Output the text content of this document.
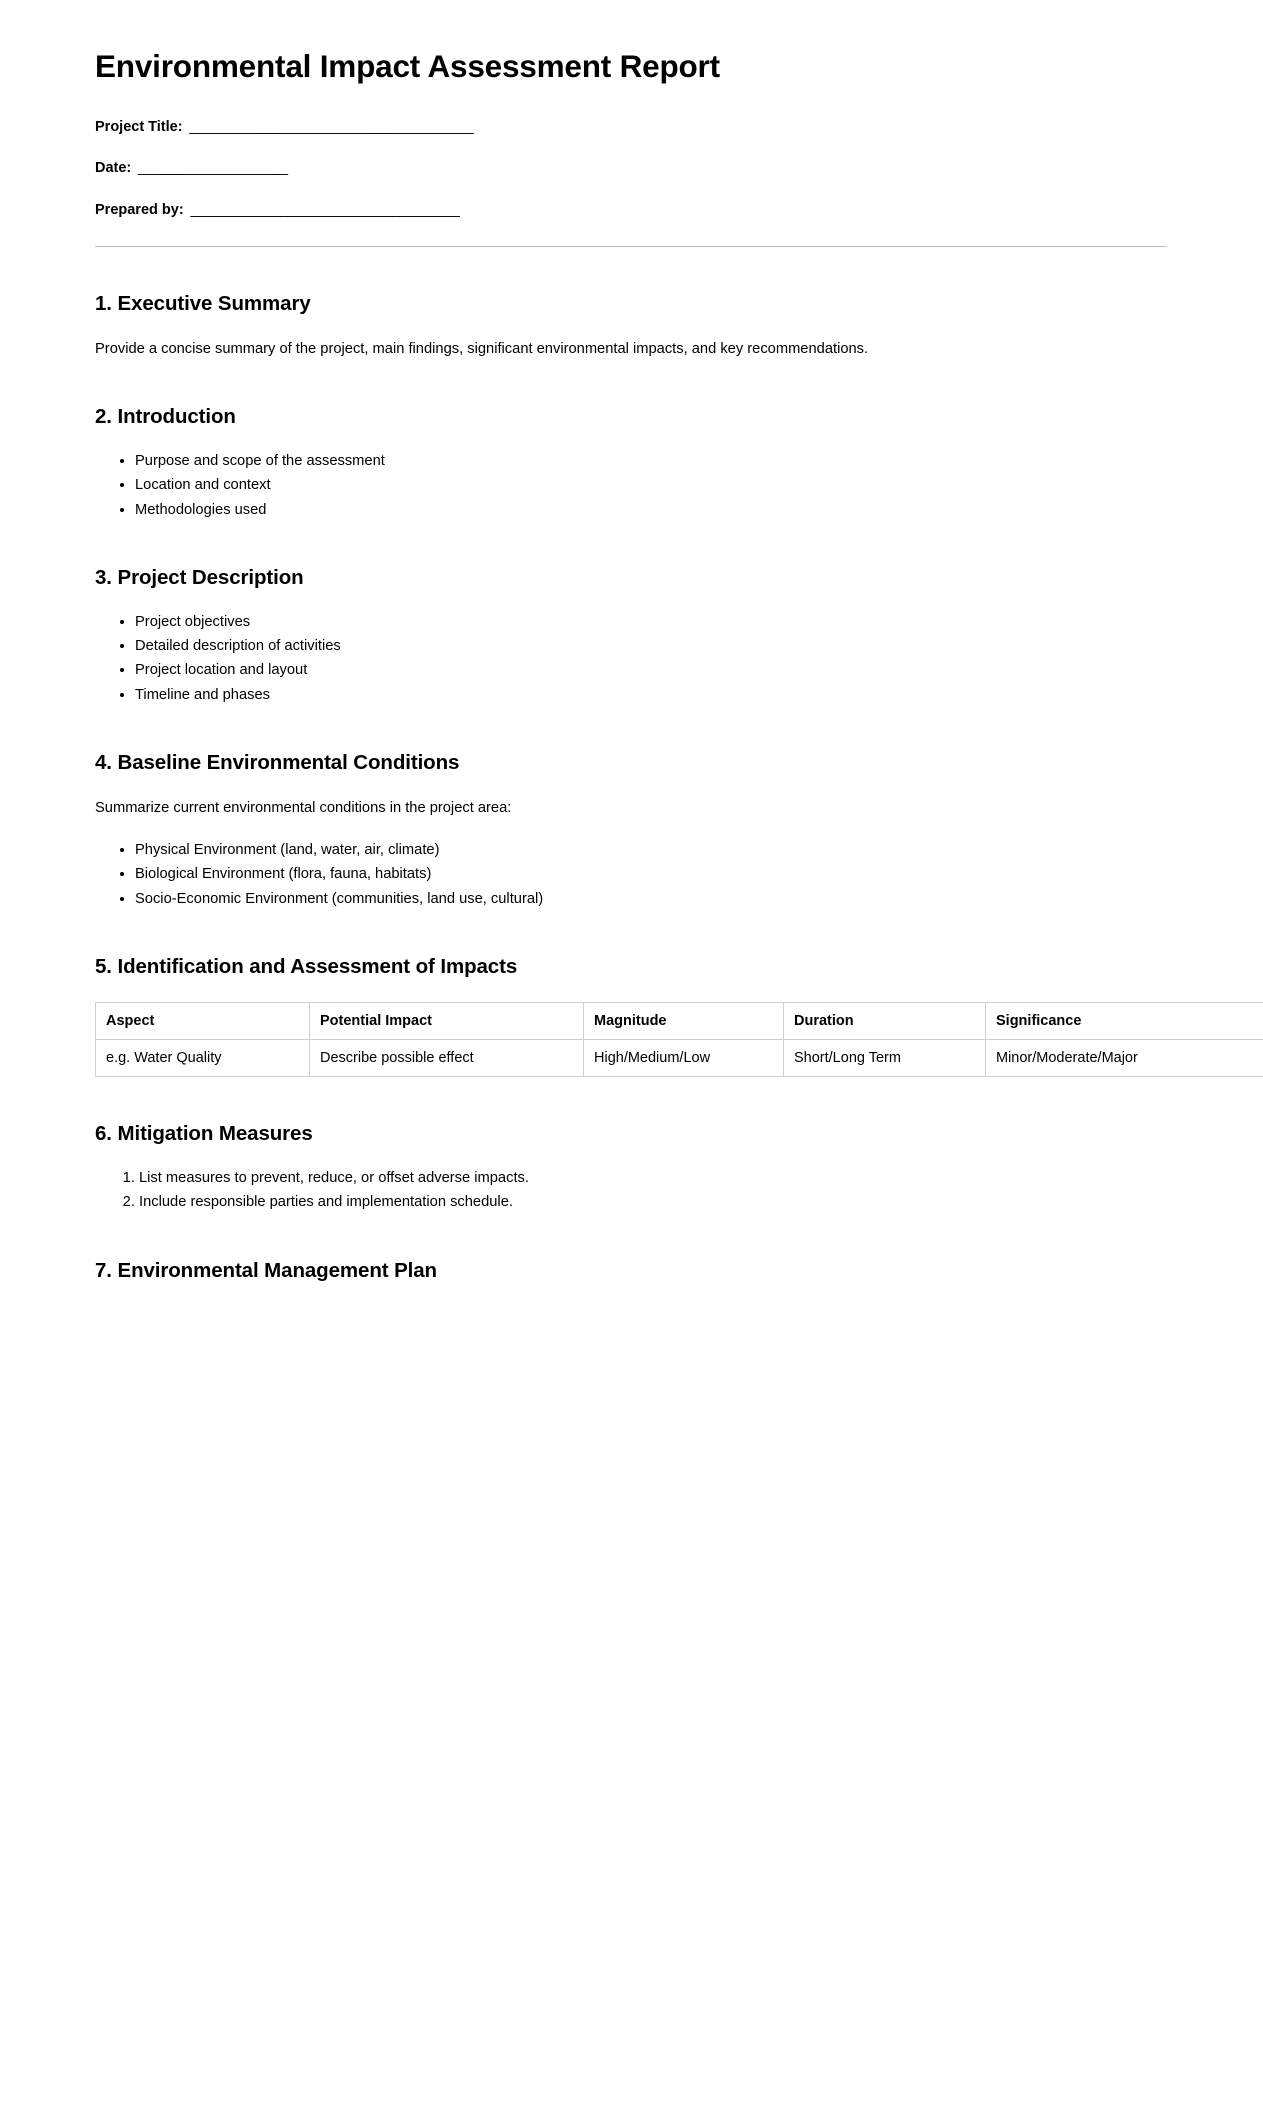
Environmental Impact Assessment Report
Project Title:  ______________________________________
Date:  ____________________
Prepared by:  ____________________________________
1. Executive Summary

Provide a concise summary of the project, main findings, significant environmental impacts, and key recommendations.

2. Introduction
• Purpose and scope of the assessment
• Location and context
• Methodologies used
3. Project Description
• Project objectives
• Detailed description of activities
• Project location and layout
• Timeline and phases
4. Baseline Environmental Conditions

Summarize current environmental conditions in the project area:

• Physical Environment (land, water, air, climate)
• Biological Environment (flora, fauna, habitats)
• Socio-Economic Environment (communities, land use, cultural)
5. Identification and Assessment of Impacts
Aspect	Potential Impact	Magnitude	Duration	Significance
e.g. Water Quality	Describe possible effect	High/Medium/Low	Short/Long Term	Minor/Moderate/Major
6. Mitigation Measures
1. List measures to prevent, reduce, or offset adverse impacts.
2. Include responsible parties and implementation schedule.
7. Environmental Management Plan
